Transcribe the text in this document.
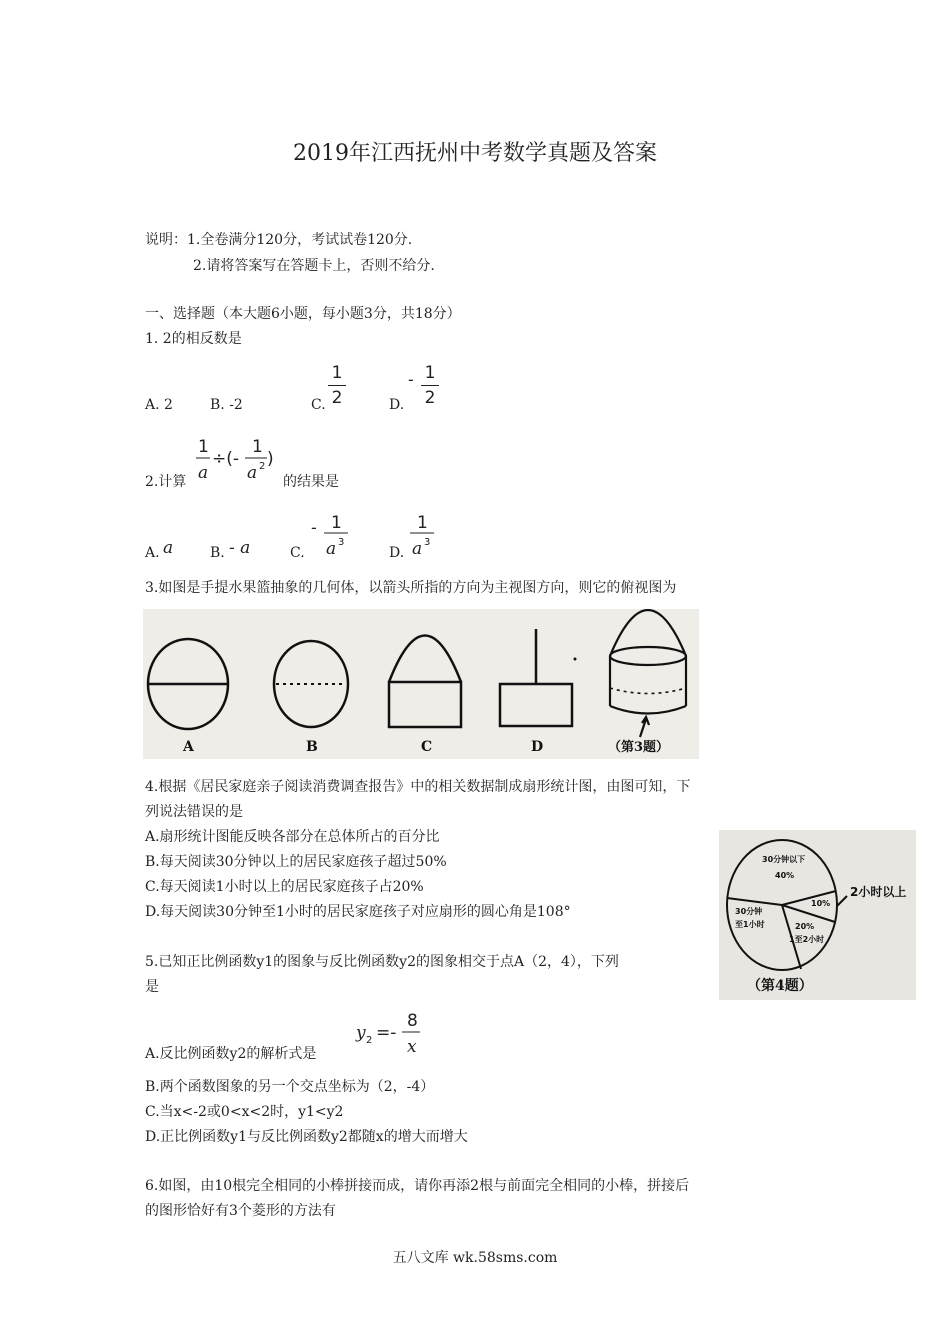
2019年江西抚州中考数学真题及答案
说明：1.全卷满分120分，考试试卷120分.
2.请将答案写在答题卡上，否则不给分.
一、选择题（本大题6小题，每小题3分，共18分）
1. 2的相反数是
A. 2	B. -2	C.
1
2	D.
- 1
2
2.计算
1
a
÷(-
1
a 2 )
的结果是
A. a	B. - a	C.
- 1
a 3
D.
1
a 3
3.如图是手提水果篮抽象的几何体，以箭头所指的方向为主视图方向，则它的俯视图为
A	B	C	D	（第3题）
4.根据《居民家庭亲子阅读消费调查报告》中的相关数据制成扇形统计图，由图可知，下
列说法错误的是
A.扇形统计图能反映各部分在总体所占的百分比
B.每天阅读30分钟以上的居民家庭孩子超过50%
C.每天阅读1小时以上的居民家庭孩子占20%
D.每天阅读30分钟至1小时的居民家庭孩子对应扇形的圆心角是108°
5.已知正比例函数y1的图象与反比例函数y2的图象相交于点A（2，4），下列
是
30分钟以下
40%
30分钟
至1小时
10%
20%
1至2小时
2小时以上
（第4题）
A.反比例函数y2的解析式是
y 2 =-
8
x
B.两个函数图象的另一个交点坐标为（2，-4）
C.当x<-2或0<x<2时，y1<y2
D.正比例函数y1与反比例函数y2都随x的增大而增大
6.如图，由10根完全相同的小棒拼接而成，请你再添2根与前面完全相同的小棒，拼接后
的图形恰好有3个菱形的方法有
五八文库 wk.58sms.com
